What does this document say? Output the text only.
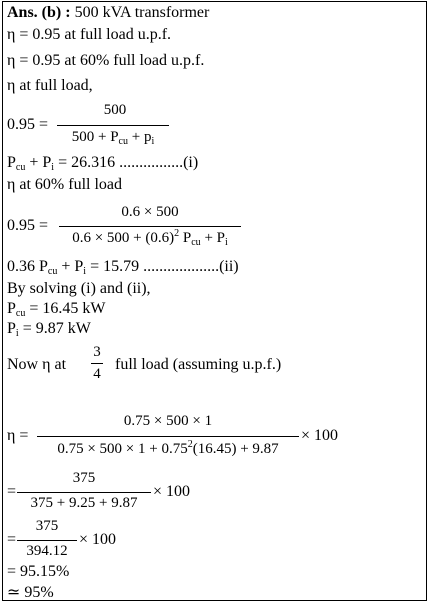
Ans. (b) : 500 kVA transformer
η = 0.95 at full load u.p.f.
η = 0.95 at 60% full load u.p.f.
η at full load,
0.95 =
500
$500 + P_{cu} + p_i$
$P_{cu} + P_i = 26.316$ ................(i)
η at 60% full load
0.95 =
0.6 × 500
$0.6 \times 500 + (0.6)^2$ $P_{cu} + P_i$
0.36 $P_{cu} + P_i = 15.79$ ...................(ii)
By solving (i) and (ii),
$P_{cu} = 16.45$ kW
$P_i = 9.87$ kW
Now η at
3
4
full load (assuming u.p.f.)
η =
0.75 × 500 × 1
$0.75 \times 500 \times 1 + 0.75^2(16.45) + 9.87$
× 100
=
375
375 + 9.25 + 9.87
× 100
=
375
394.12
× 100
= 95.15%
≃ 95%
